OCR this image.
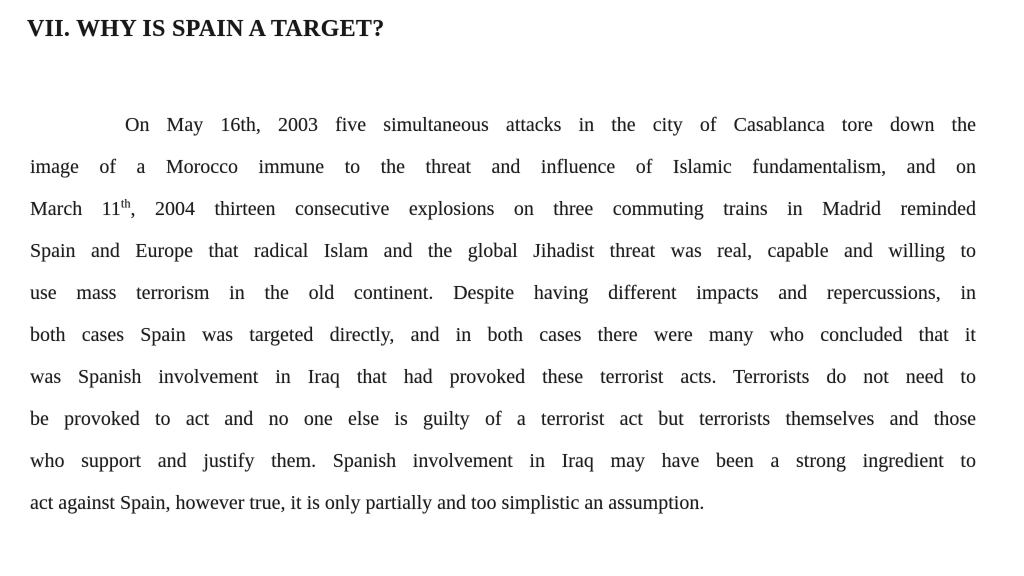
VII. WHY IS SPAIN A TARGET?
On May 16th, 2003 five simultaneous attacks in the city of Casablanca tore down the
image of a Morocco immune to the threat and influence of Islamic fundamentalism, and on
March 11th, 2004 thirteen consecutive explosions on three commuting trains in Madrid reminded
Spain and Europe that radical Islam and the global Jihadist threat was real, capable and willing to
use mass terrorism in the old continent. Despite having different impacts and repercussions, in
both cases Spain was targeted directly, and in both cases there were many who concluded that it
was Spanish involvement in Iraq that had provoked these terrorist acts. Terrorists do not need to
be provoked to act and no one else is guilty of a terrorist act but terrorists themselves and those
who support and justify them. Spanish involvement in Iraq may have been a strong ingredient to
act against Spain, however true, it is only partially and too simplistic an assumption.
